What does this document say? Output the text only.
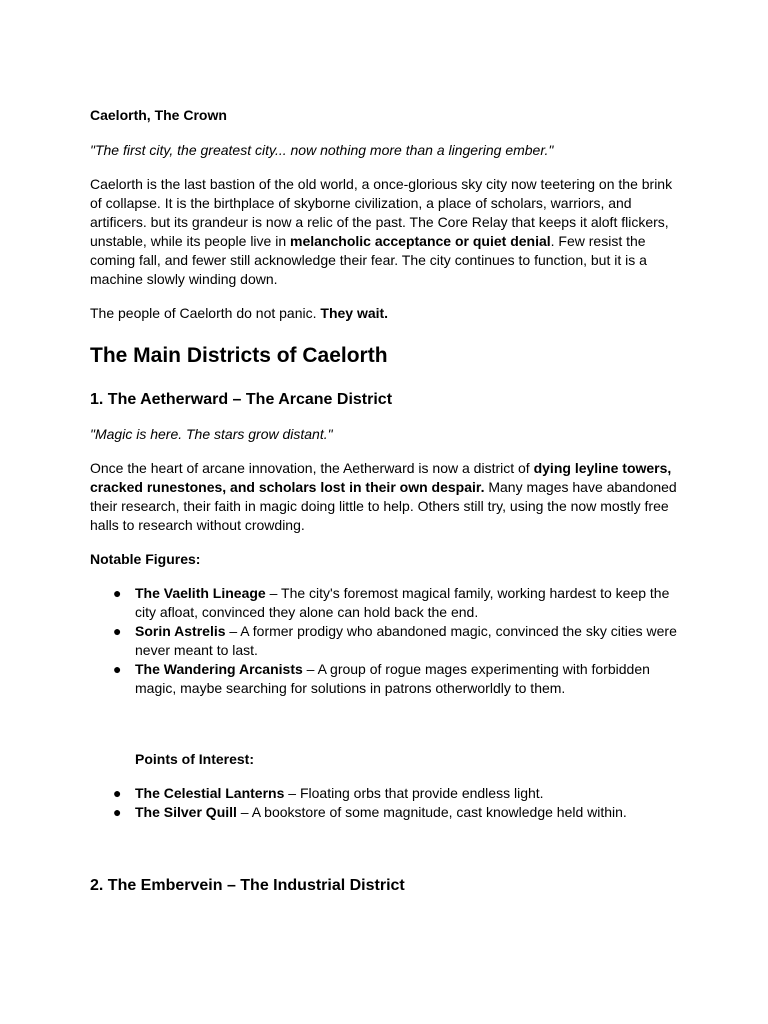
Caelorth, The Crown

"The first city, the greatest city... now nothing more than a lingering ember."

Caelorth is the last bastion of the old world, a once-glorious sky city now teetering on the brink of collapse. It is the birthplace of skyborne civilization, a place of scholars, warriors, and artificers. but its grandeur is now a relic of the past. The Core Relay that keeps it aloft flickers, unstable, while its people live in melancholic acceptance or quiet denial. Few resist the coming fall, and fewer still acknowledge their fear. The city continues to function, but it is a machine slowly winding down.

The people of Caelorth do not panic. They wait.

The Main Districts of Caelorth

1. The Aetherward – The Arcane District

"Magic is here. The stars grow distant."

Once the heart of arcane innovation, the Aetherward is now a district of dying leyline towers, cracked runestones, and scholars lost in their own despair. Many mages have abandoned their research, their faith in magic doing little to help. Others still try, using the now mostly free halls to research without crowding.

Notable Figures:

● The Vaelith Lineage – The city's foremost magical family, working hardest to keep the city afloat, convinced they alone can hold back the end.
● Sorin Astrelis – A former prodigy who abandoned magic, convinced the sky cities were never meant to last.
● The Wandering Arcanists – A group of rogue mages experimenting with forbidden magic, maybe searching for solutions in patrons otherworldly to them.

Points of Interest:

● The Celestial Lanterns – Floating orbs that provide endless light.
● The Silver Quill – A bookstore of some magnitude, cast knowledge held within.

2. The Embervein – The Industrial District
